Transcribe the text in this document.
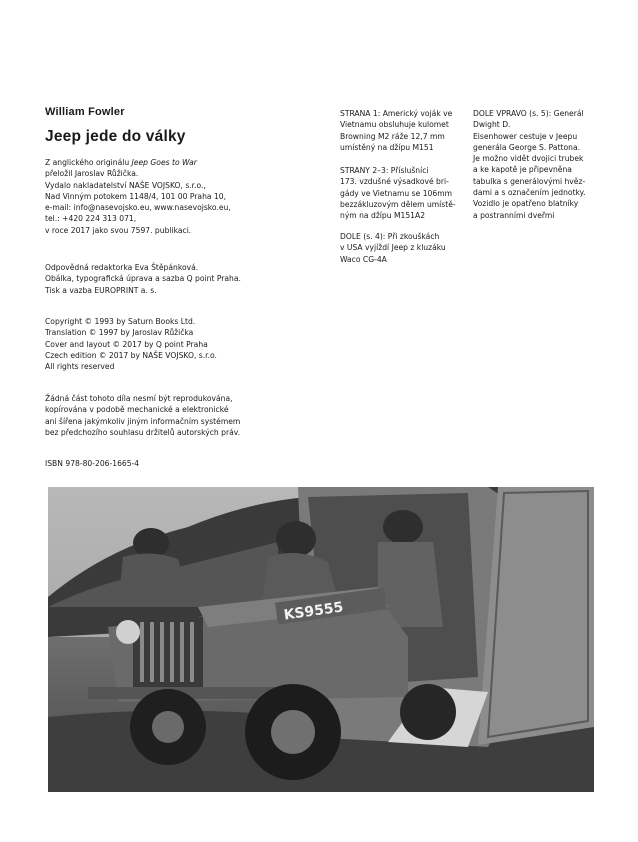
William Fowler
Jeep jede do války

Z anglického originálu Jeep Goes to War
přeložil Jaroslav Růžička.
Vydalo nakladatelství NAŠE VOJSKO, s.r.o.,
Nad Vinným potokem 1148/4, 101 00 Praha 10,
e-mail: info@nasevojsko.eu, www.nasevojsko.eu,
tel.: +420 224 313 071,
v roce 2017 jako svou 7597. publikaci.

Odpovědná redaktorka Eva Štěpánková.
Obálka, typografická úprava a sazba Q point Praha.
Tisk a vazba EUROPRINT a. s.

Copyright © 1993 by Saturn Books Ltd.
Translation © 1997 by Jaroslav Růžička
Cover and layout © 2017 by Q point Praha
Czech edition © 2017 by NAŠE VOJSKO, s.r.o.
All rights reserved

Žádná část tohoto díla nesmí být reprodukována,
kopírována v podobě mechanické a elektronické
ani šířena jakýmkoliv jiným informačním systémem
bez předchozího souhlasu držitelů autorských práv.

ISBN 978-80-206-1665-4

STRANA 1: Americký voják ve
Vietnamu obsluhuje kulomet
Browning M2 ráže 12,7 mm
umístěný na džípu M151

STRANY 2–3: Příslušníci
173. vzdušné výsadkové bri-
gády ve Vietnamu se 106mm
bezzákluzovým dělem umístě-
ným na džípu M151A2

DOLE (s. 4): Při zkouškách
v USA vyjíždí Jeep z kluzáku
Waco CG-4A

DOLE VPRAVO (s. 5): Generál
Dwight D.
Eisenhower cestuje v Jeepu
generála George S. Pattona.
Je možno vidět dvojici trubek
a ke kapotě je připevněna
tabulka s generálovými hvěz-
dami a s označením jednotky.
Vozidlo je opatřeno blatníky
a postranními dveřmi

KS9555
